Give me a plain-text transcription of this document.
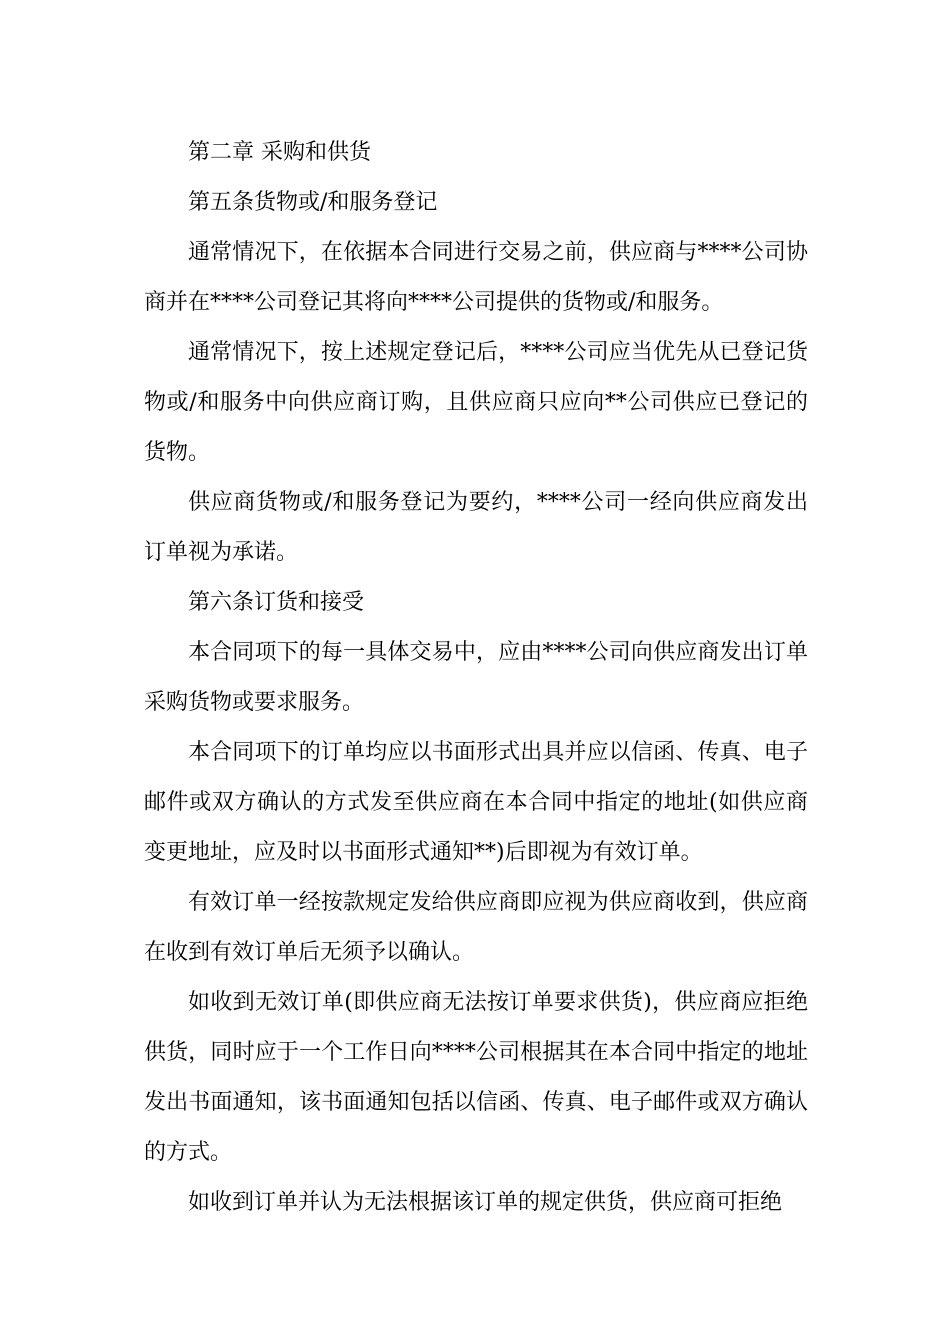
第二章 采购和供货

第五条货物或/和服务登记

通常情况下，在依据本合同进行交易之前，供应商与****公司协商并在****公司登记其将向****公司提供的货物或/和服务。

通常情况下，按上述规定登记后，****公司应当优先从已登记货物或/和服务中向供应商订购，且供应商只应向**公司供应已登记的货物。

供应商货物或/和服务登记为要约，****公司一经向供应商发出订单视为承诺。

第六条订货和接受

本合同项下的每一具体交易中，应由****公司向供应商发出订单采购货物或要求服务。

本合同项下的订单均应以书面形式出具并应以信函、传真、电子邮件或双方确认的方式发至供应商在本合同中指定的地址(如供应商变更地址，应及时以书面形式通知**)后即视为有效订单。

有效订单一经按款规定发给供应商即应视为供应商收到，供应商在收到有效订单后无须予以确认。

如收到无效订单(即供应商无法按订单要求供货)，供应商应拒绝供货，同时应于一个工作日向****公司根据其在本合同中指定的地址发出书面通知，该书面通知包括以信函、传真、电子邮件或双方确认的方式。

如收到订单并认为无法根据该订单的规定供货，供应商可拒绝
